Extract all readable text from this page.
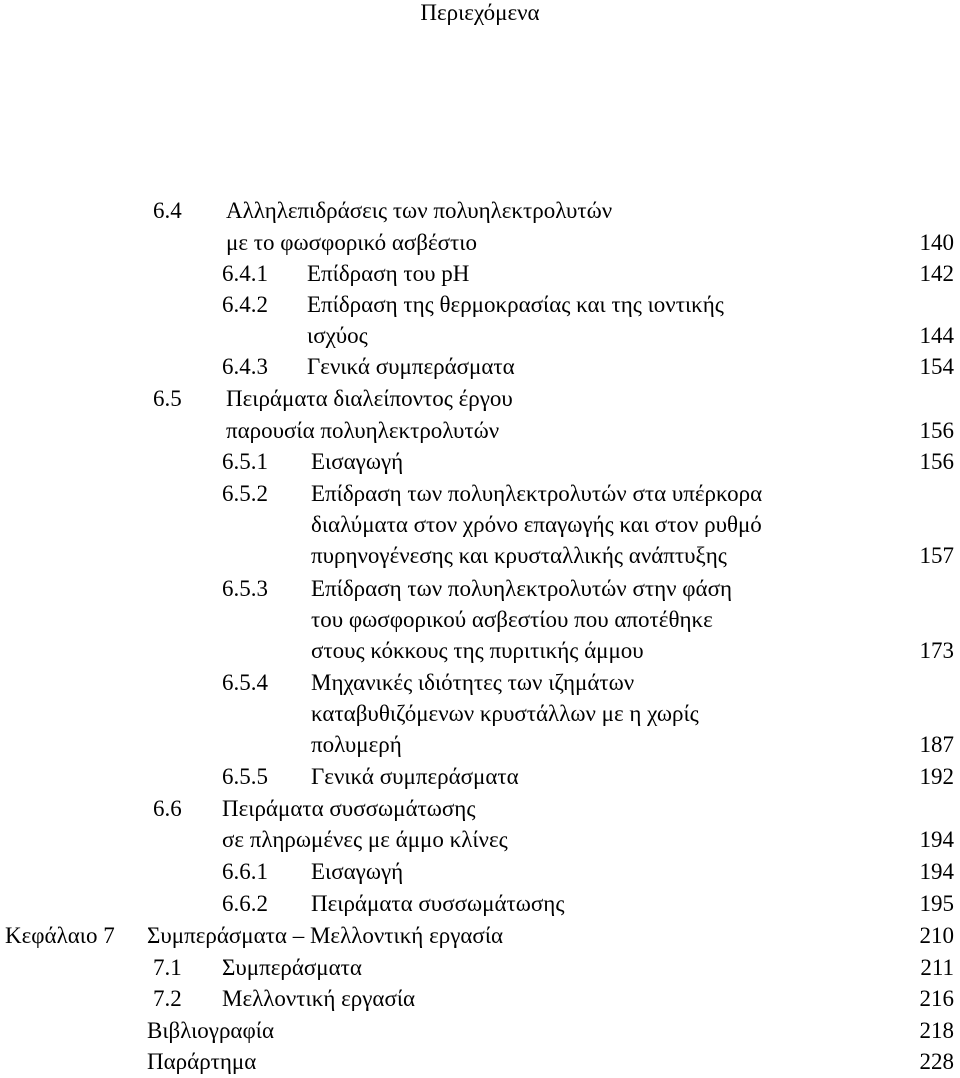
Περιεχόμενα
6.4 Αλληλεπιδράσεις των πολυηλεκτρολυτών
με το φωσφορικό ασβέστιο	140
6.4.1 Επίδραση του pH	142
6.4.2 Επίδραση της θερμοκρασίας και της ιοντικής
ισχύος	144
6.4.3 Γενικά συμπεράσματα	154
6.5 Πειράματα διαλείποντος έργου
παρουσία πολυηλεκτρολυτών	156
6.5.1 Εισαγωγή	156
6.5.2 Επίδραση των πολυηλεκτρολυτών στα υπέρκορα
διαλύματα στον χρόνο επαγωγής και στον ρυθμό
πυρηνογένεσης και κρυσταλλικής ανάπτυξης	157
6.5.3 Επίδραση των πολυηλεκτρολυτών στην φάση
του φωσφορικού ασβεστίου που αποτέθηκε
στους κόκκους της πυριτικής άμμου	173
6.5.4 Μηχανικές ιδιότητες των ιζημάτων
καταβυθιζόμενων κρυστάλλων με η χωρίς
πολυμερή	187
6.5.5 Γενικά συμπεράσματα	192
6.6 Πειράματα συσσωμάτωσης
σε πληρωμένες με άμμο κλίνες	194
6.6.1 Εισαγωγή	194
6.6.2 Πειράματα συσσωμάτωσης	195
Κεφάλαιο 7 Συμπεράσματα – Μελλοντική εργασία	210
7.1 Συμπεράσματα	211
7.2 Μελλοντική εργασία	216
Βιβλιογραφία	218
Παράρτημα	228
